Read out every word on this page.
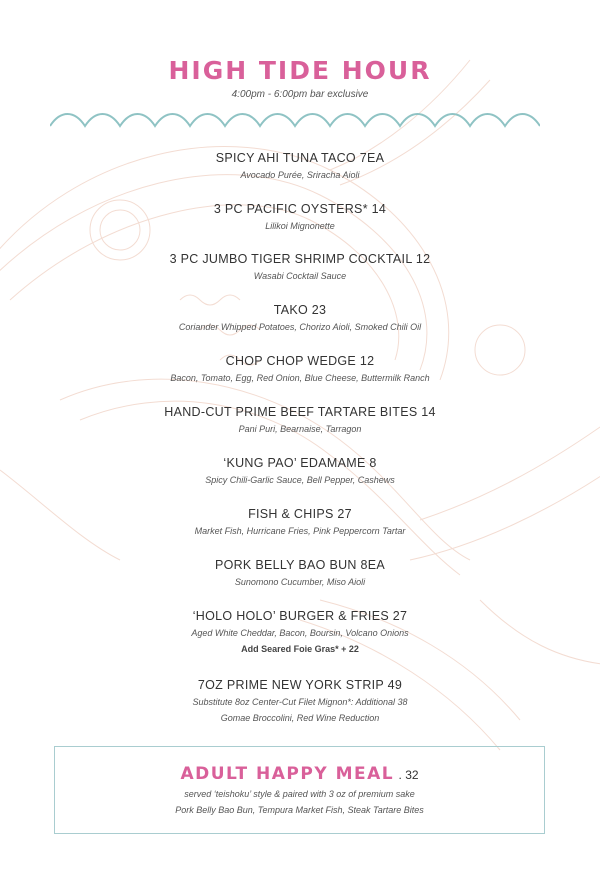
HIGH TIDE HOUR
4:00pm - 6:00pm bar exclusive
SPICY AHI TUNA TACO 7EA
Avocado Purée, Sriracha Aioli
3 PC PACIFIC OYSTERS* 14
Lilikoi Mignonette
3 PC JUMBO TIGER SHRIMP COCKTAIL 12
Wasabi Cocktail Sauce
TAKO 23
Coriander Whipped Potatoes, Chorizo Aioli, Smoked Chili Oil
CHOP CHOP WEDGE 12
Bacon, Tomato, Egg, Red Onion, Blue Cheese, Buttermilk Ranch
HAND-CUT PRIME BEEF TARTARE BITES 14
Pani Puri, Bearnaise, Tarragon
‘KUNG PAO’ EDAMAME 8
Spicy Chili-Garlic Sauce, Bell Pepper, Cashews
FISH & CHIPS 27
Market Fish, Hurricane Fries, Pink Peppercorn Tartar
PORK BELLY BAO BUN 8EA
Sunomono Cucumber, Miso Aioli
‘HOLO HOLO’ BURGER & FRIES 27
Aged White Cheddar, Bacon, Boursin, Volcano Onions
Add Seared Foie Gras* + 22
7OZ PRIME NEW YORK STRIP 49
Substitute 8oz Center-Cut Filet Mignon*: Additional 38
Gomae Broccolini, Red Wine Reduction
ADULT HAPPY MEAL . 32
served ‘teishoku’ style & paired with 3 oz of premium sake
Pork Belly Bao Bun, Tempura Market Fish, Steak Tartare Bites
